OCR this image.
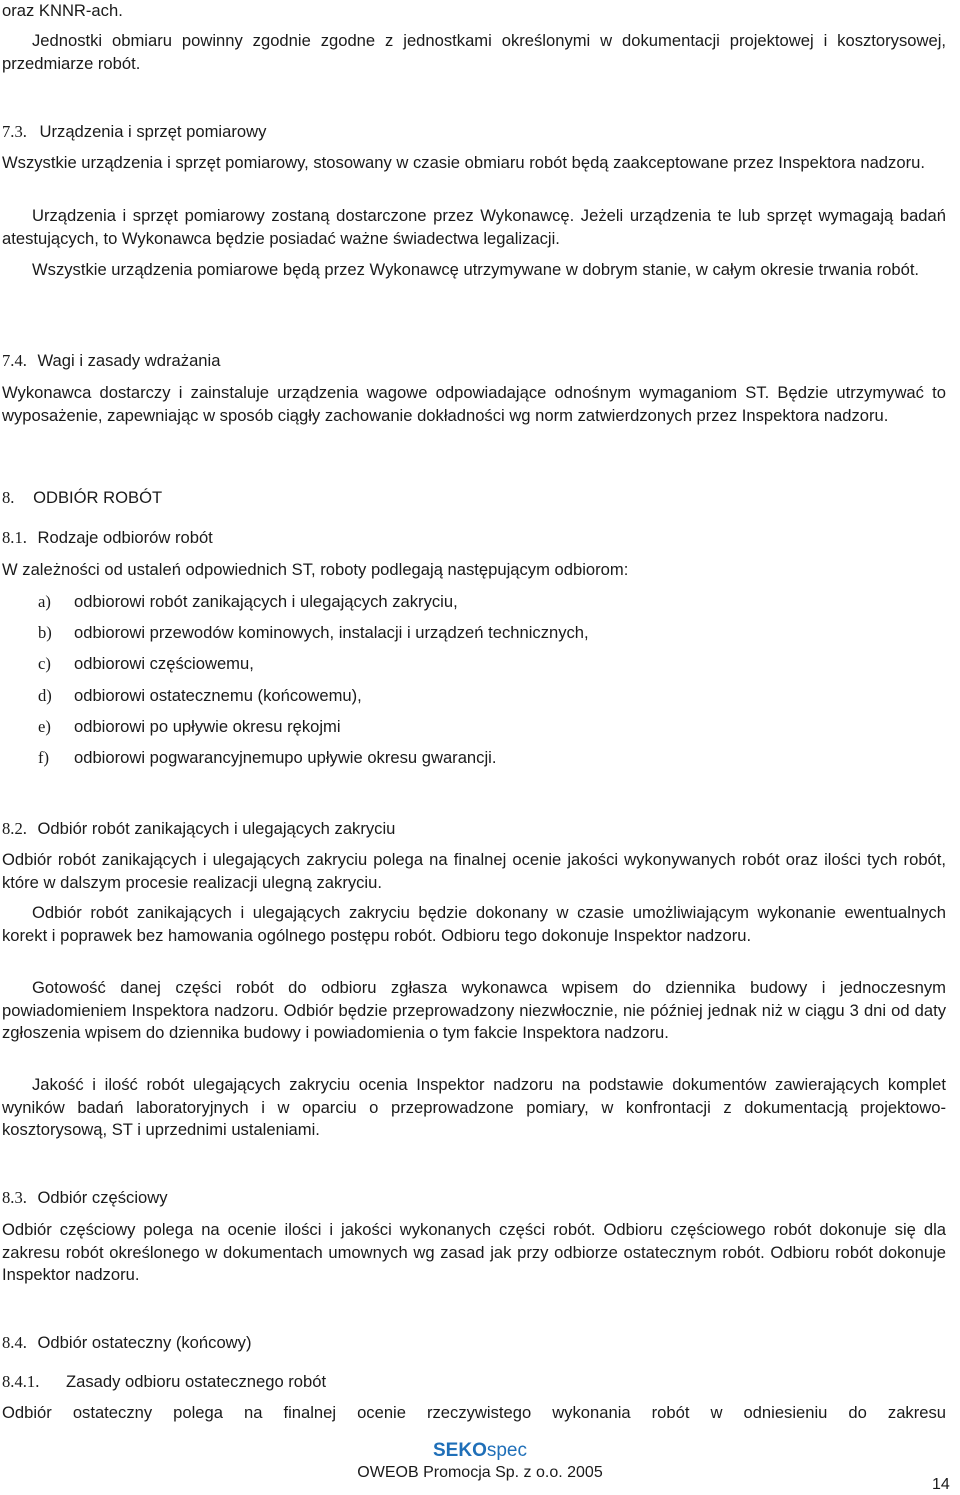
oraz KNNR-ach.
Jednostki obmiaru powinny zgodnie zgodne z jednostkami określonymi w dokumentacji projektowej i kosztorysowej, przedmiarze robót.
7.3. Urządzenia i sprzęt pomiarowy
Wszystkie urządzenia i sprzęt pomiarowy, stosowany w czasie obmiaru robót będą zaakceptowane przez Inspektora nadzoru.
Urządzenia i sprzęt pomiarowy zostaną dostarczone przez Wykonawcę. Jeżeli urządzenia te lub sprzęt wymagają badań atestujących, to Wykonawca będzie posiadać ważne świadectwa legalizacji.
Wszystkie urządzenia pomiarowe będą przez Wykonawcę utrzymywane w dobrym stanie, w całym okresie trwania robót.
7.4. Wagi i zasady wdrażania
Wykonawca dostarczy i zainstaluje urządzenia wagowe odpowiadające odnośnym wymaganiom ST. Będzie utrzymywać to wyposażenie, zapewniając w sposób ciągły zachowanie dokładności wg norm zatwierdzonych przez Inspektora nadzoru.
8. ODBIÓR ROBÓT
8.1. Rodzaje odbiorów robót
W zależności od ustaleń odpowiednich ST, roboty podlegają następującym odbiorom:
a) odbiorowi robót zanikających i ulegających zakryciu,
b) odbiorowi przewodów kominowych, instalacji i urządzeń technicznych,
c) odbiorowi częściowemu,
d) odbiorowi ostatecznemu (końcowemu),
e) odbiorowi po upływie okresu rękojmi
f) odbiorowi pogwarancyjnemupo upływie okresu gwarancji.
8.2. Odbiór robót zanikających i ulegających zakryciu
Odbiór robót zanikających i ulegających zakryciu polega na finalnej ocenie jakości wykonywanych robót oraz ilości tych robót, które w dalszym procesie realizacji ulegną zakryciu.
Odbiór robót zanikających i ulegających zakryciu będzie dokonany w czasie umożliwiającym wykonanie ewentualnych korekt i poprawek bez hamowania ogólnego postępu robót. Odbioru tego dokonuje Inspektor nadzoru.
Gotowość danej części robót do odbioru zgłasza wykonawca wpisem do dziennika budowy i jednoczesnym powiadomieniem Inspektora nadzoru. Odbiór będzie przeprowadzony niezwłocznie, nie później jednak niż w ciągu 3 dni od daty zgłoszenia wpisem do dziennika budowy i powiadomienia o tym fakcie Inspektora nadzoru.
Jakość i ilość robót ulegających zakryciu ocenia Inspektor nadzoru na podstawie dokumentów zawierających komplet wyników badań laboratoryjnych i w oparciu o przeprowadzone pomiary, w konfrontacji z dokumentacją projektowo-kosztorysową, ST i uprzednimi ustaleniami.
8.3. Odbiór częściowy
Odbiór częściowy polega na ocenie ilości i jakości wykonanych części robót. Odbioru częściowego robót dokonuje się dla zakresu robót określonego w dokumentach umownych wg zasad jak przy odbiorze ostatecznym robót. Odbioru robót dokonuje Inspektor nadzoru.
8.4. Odbiór ostateczny (końcowy)
8.4.1. Zasady odbioru ostatecznego robót
Odbiór ostateczny polega na finalnej ocenie rzeczywistego wykonania robót w odniesieniu do zakresu
SEKOspec
OWEOB Promocja Sp. z o.o. 2005
14
